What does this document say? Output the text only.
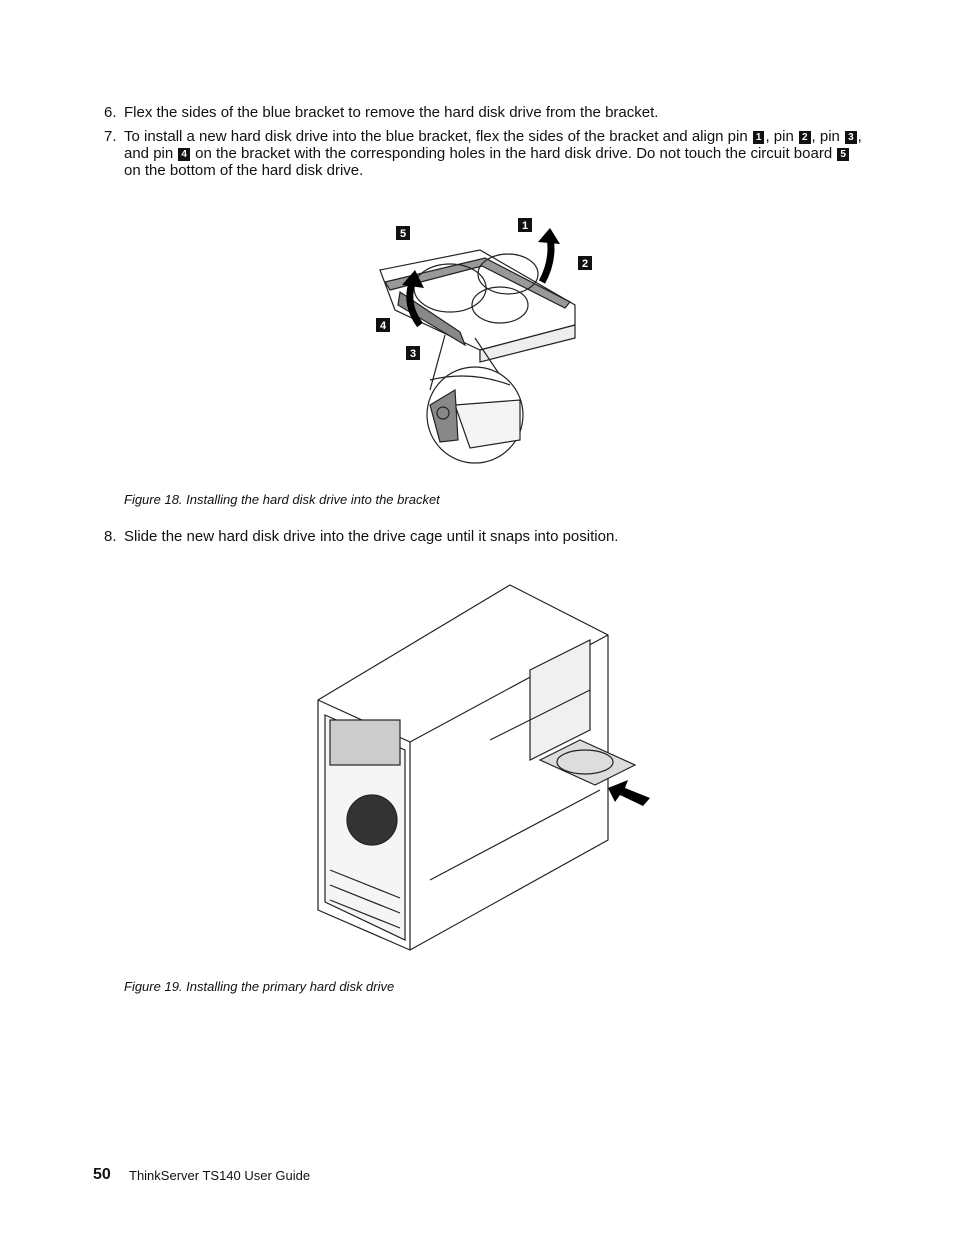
6. Flex the sides of the blue bracket to remove the hard disk drive from the bracket.
7. To install a new hard disk drive into the blue bracket, flex the sides of the bracket and align pin 1 , pin 2 , pin 3 , and pin 4 on the bracket with the corresponding holes in the hard disk drive. Do not touch the circuit board 5 on the bottom of the hard disk drive.
1
2
3
4
5
Figure 18. Installing the hard disk drive into the bracket
8. Slide the new hard disk drive into the drive cage until it snaps into position.
Figure 19. Installing the primary hard disk drive
50 ThinkServer TS140 User Guide
